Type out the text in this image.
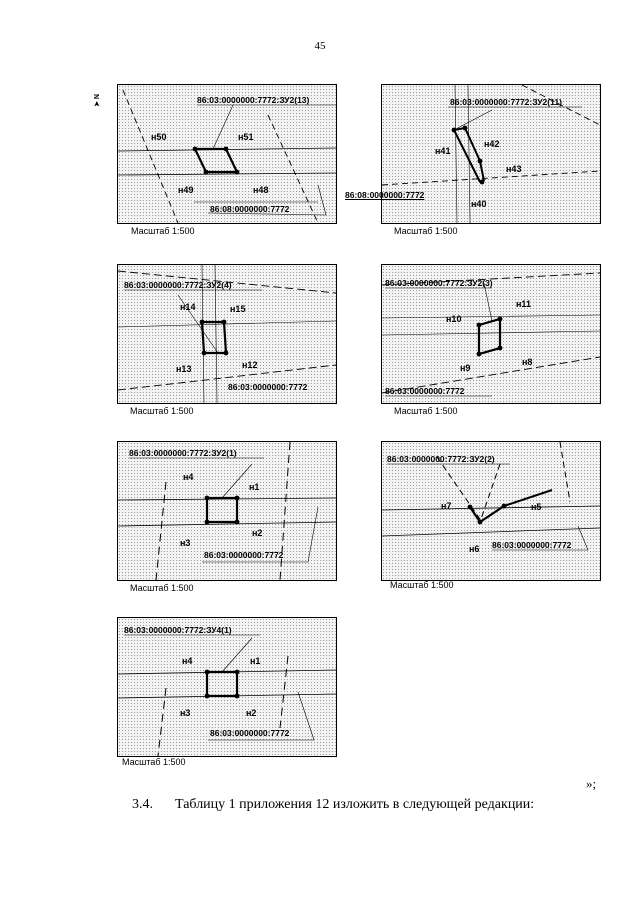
45
➤ N	86:03:0000000:7772:ЗУ2(13)
н50	н51
н49	н48
86:08:0000000:7772
Масштаб 1:500
86:03:0000000:7772:ЗУ2(11)
н41
н42
н43
н40
86:08:0000000:7772
Масштаб 1:500
86:03:0000000:7772:ЗУ2(4)
н14	н15
н13	н12
86:03:0000000:7772
Масштаб 1:500
86:03:0000000:7772:ЗУ2(3)
н10
н11
н9
н8
86:03:0000000:7772
Масштаб 1:500
86:03:0000000:7772:ЗУ2(1)
н4
н1
н3
н2
86:03:0000000:7772
Масштаб 1:500
86:03:0000000:7772:ЗУ2(2)
н7	н5
н6 86:03:0000000:7772
Масштаб 1:500
86:03:0000000:7772:ЗУ4(1)
н4	н1
н3	н2
86:03:0000000:7772
Масштаб 1:500
»;
3.4. Таблицу 1 приложения 12 изложить в следующей редакции:
